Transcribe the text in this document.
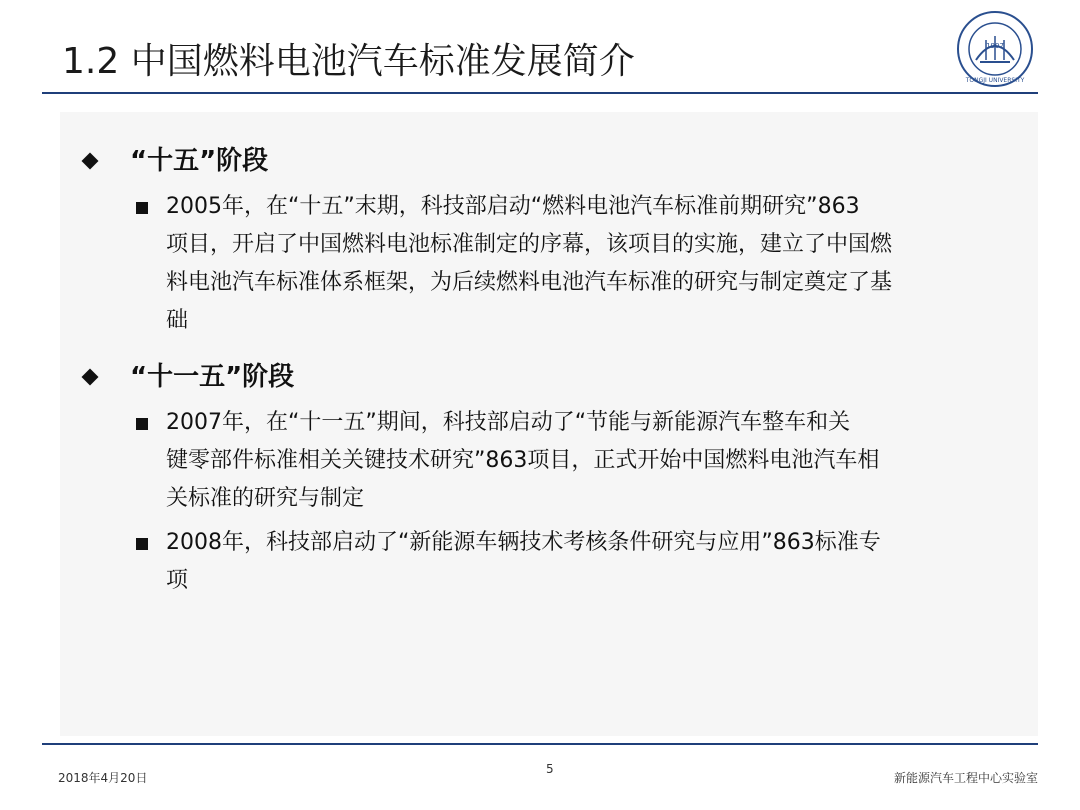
1.2 中国燃料电池汽车标准发展简介	1907
TONGJI UNIVERSITY
“十五”阶段
2005年，在“十五”末期，科技部启动“燃料电池汽车标准前期研究”863
项目，开启了中国燃料电池标准制定的序幕，该项目的实施，建立了中国燃
料电池汽车标准体系框架，为后续燃料电池汽车标准的研究与制定奠定了基
础
“十一五”阶段
2007年，在“十一五”期间，科技部启动了“节能与新能源汽车整车和关
键零部件标准相关关键技术研究”863项目，正式开始中国燃料电池汽车相
关标准的研究与制定
2008年，科技部启动了“新能源车辆技术考核条件研究与应用”863标准专
项
2018年4月20日
5
新能源汽车工程中心实验室
